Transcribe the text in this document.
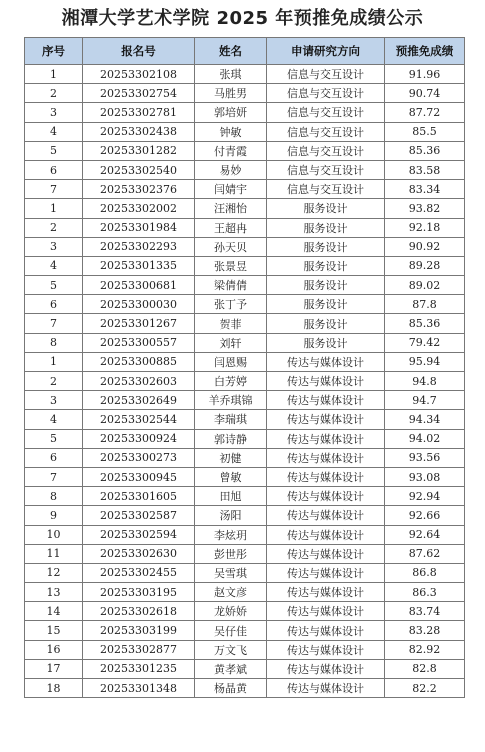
湘潭大学艺术学院 2025 年预推免成绩公示
序号	报名号	姓名	申请研究方向	预推免成绩
1	20253302108	张琪	信息与交互设计	91.96
2	20253302754	马胜男	信息与交互设计	90.74
3	20253302781	郭培妍	信息与交互设计	87.72
4	20253302438	钟敏	信息与交互设计	85.5
5	20253301282	付青霞	信息与交互设计	85.36
6	20253302540	易妙	信息与交互设计	83.58
7	20253302376	闫婧宇	信息与交互设计	83.34
1	20253302002	汪湘怡	服务设计	93.82
2	20253301984	王超冉	服务设计	92.18
3	20253302293	孙天贝	服务设计	90.92
4	20253301335	张景昱	服务设计	89.28
5	20253300681	梁倩倩	服务设计	89.02
6	20253300030	张丁予	服务设计	87.8
7	20253301267	贺菲	服务设计	85.36
8	20253300557	刘轩	服务设计	79.42
1	20253300885	闫恩赐	传达与媒体设计	95.94
2	20253302603	白芳婷	传达与媒体设计	94.8
3	20253302649	羊乔琪锦	传达与媒体设计	94.7
4	20253302544	李瑞琪	传达与媒体设计	94.34
5	20253300924	郭诗静	传达与媒体设计	94.02
6	20253300273	初健	传达与媒体设计	93.56
7	20253300945	曾敏	传达与媒体设计	93.08
8	20253301605	田旭	传达与媒体设计	92.94
9	20253302587	汤阳	传达与媒体设计	92.66
10	20253302594	李炫玥	传达与媒体设计	92.64
11	20253302630	彭世彤	传达与媒体设计	87.62
12	20253302455	吴雪琪	传达与媒体设计	86.8
13	20253303195	赵文彦	传达与媒体设计	86.3
14	20253302618	龙娇娇	传达与媒体设计	83.74
15	20253303199	吴仔佳	传达与媒体设计	83.28
16	20253302877	万文飞	传达与媒体设计	82.92
17	20253301235	黄孝斌	传达与媒体设计	82.8
18	20253301348	杨晶黄	传达与媒体设计	82.2
